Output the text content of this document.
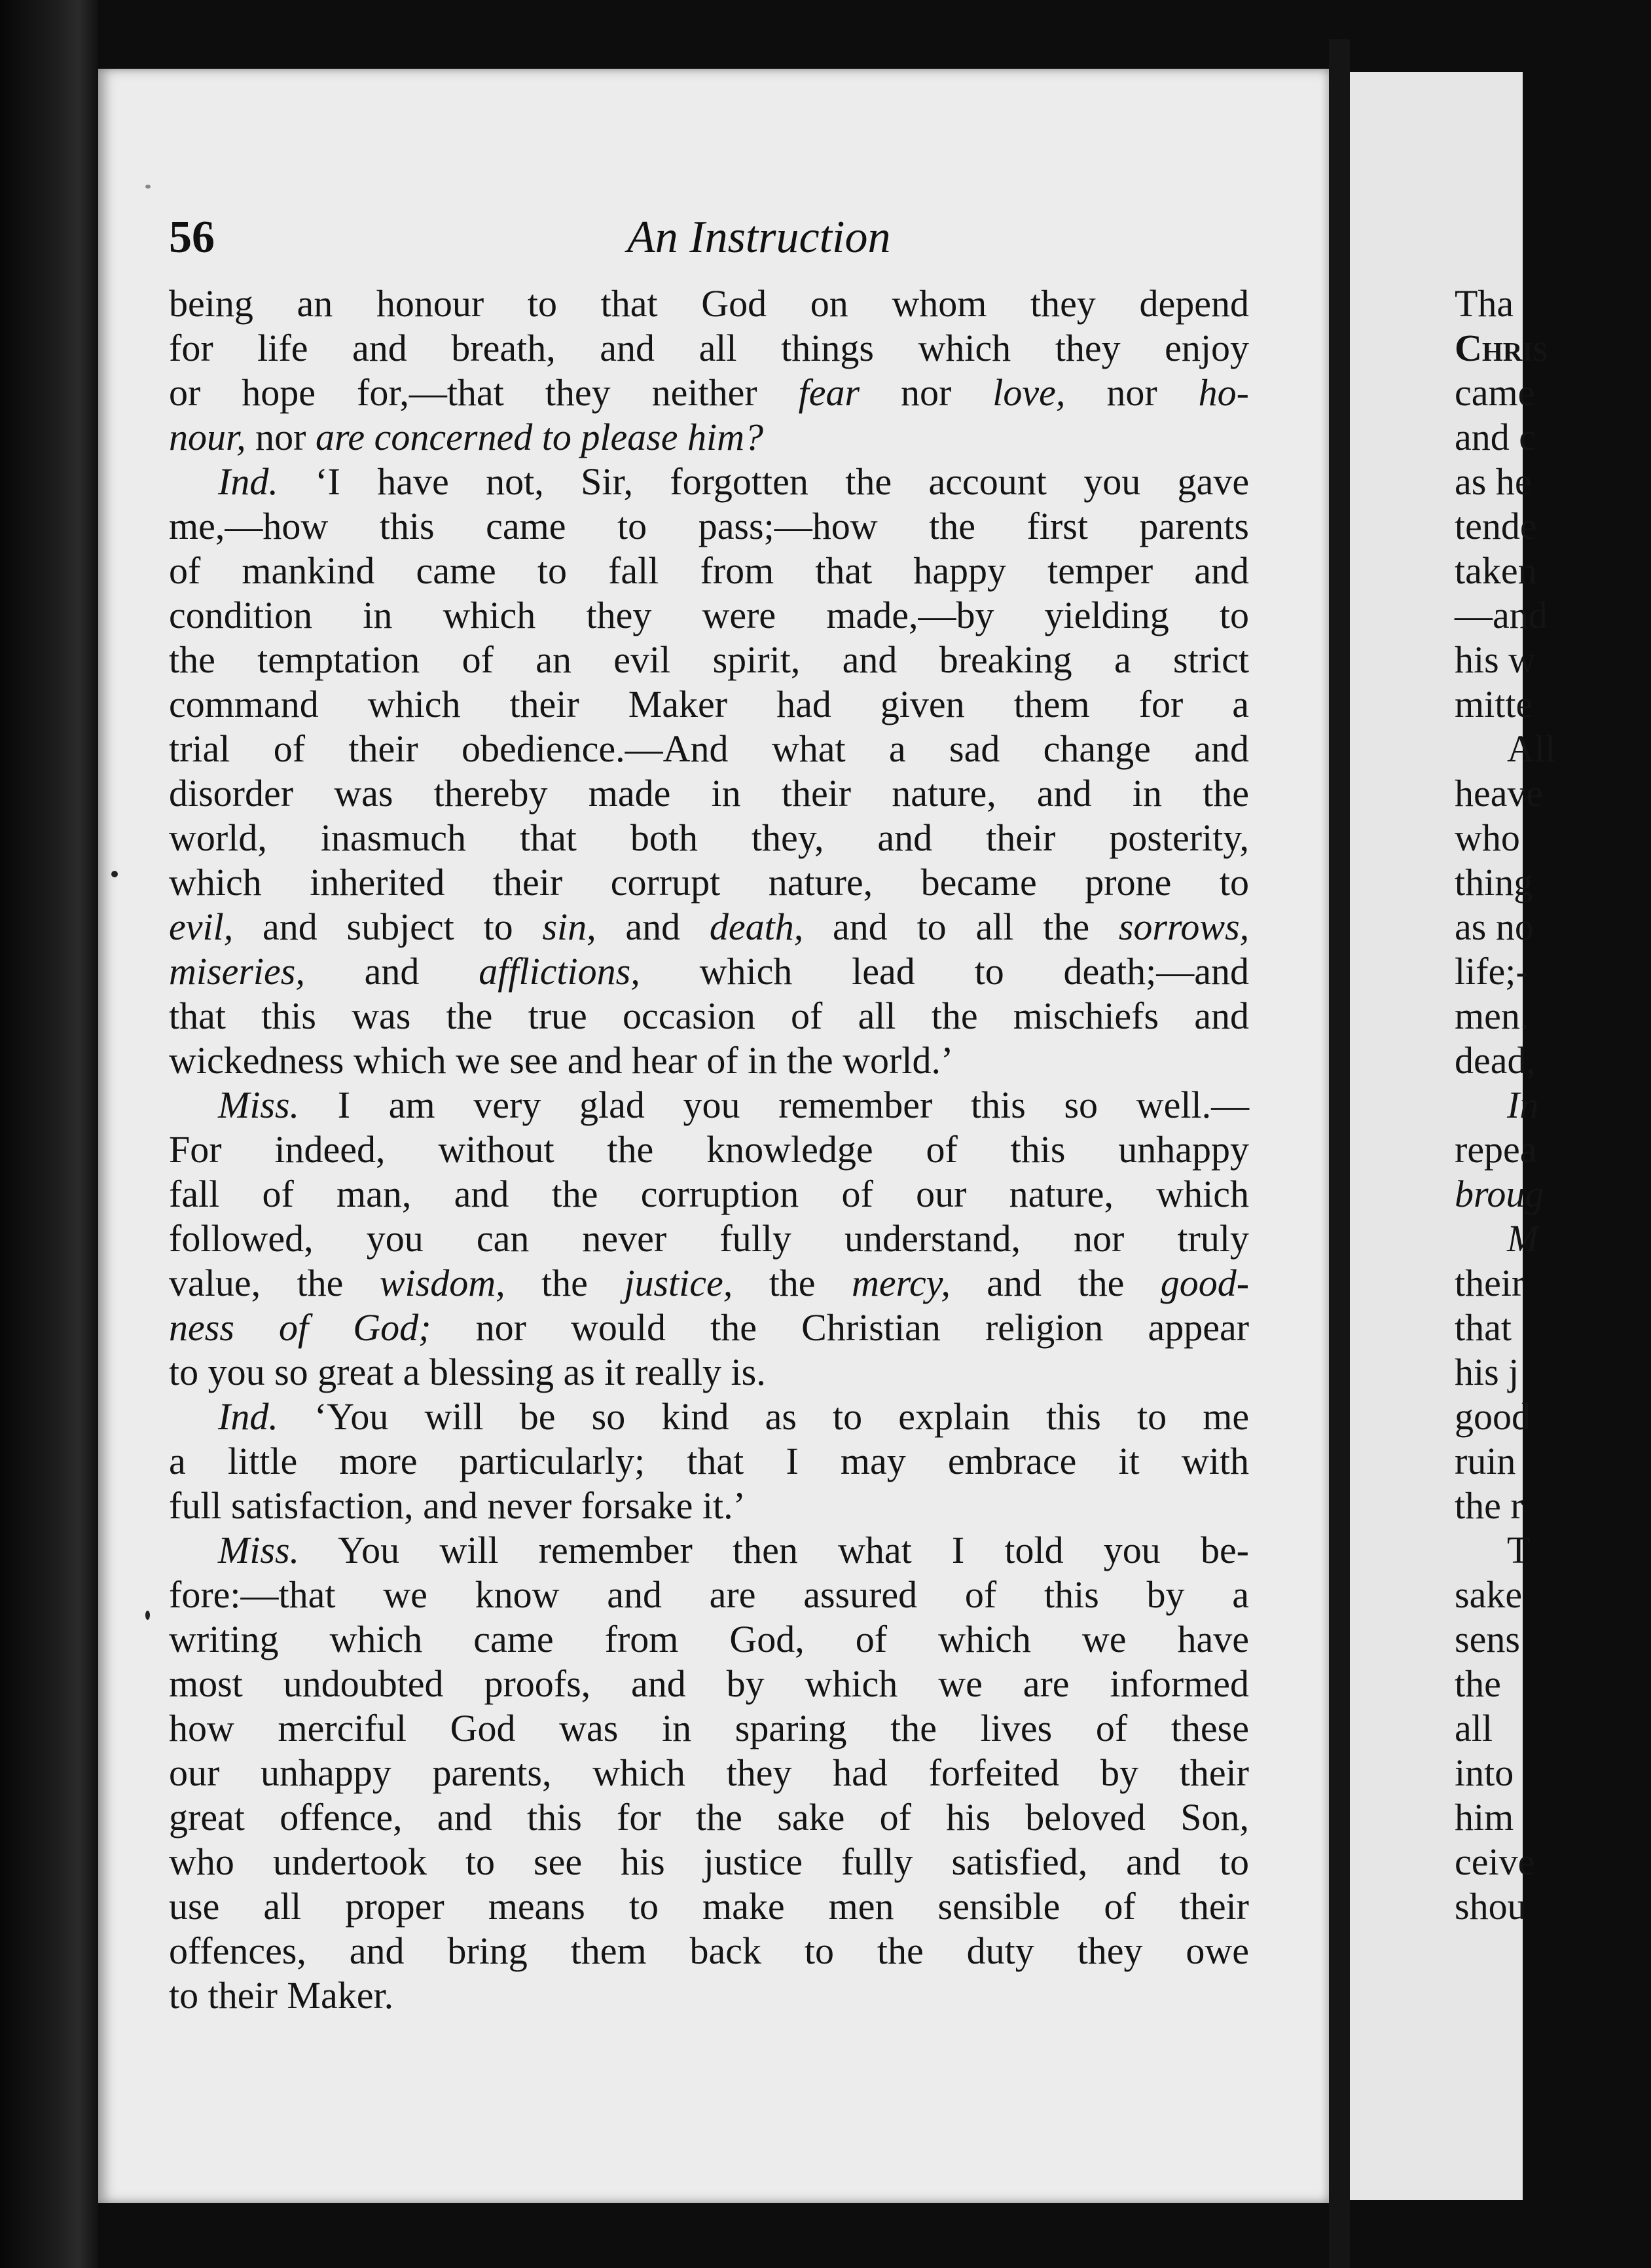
Tha
Chris
came
and c
as he
tende
taken
—and
his w
mitte
All
heave
who
thing
as no
life;-
men.
dead,
In
repea
broug
M
their
that
his j
good
ruin
the r
T
sake
sens
the
all
into
him
ceive
shou
56	An Instruction
being an honour to that God on whom they depend
for life and breath, and all things which they enjoy
or hope for,—that they neither fear nor love, nor ho-
nour, nor are concerned to please him?
Ind. ‘I have not, Sir, forgotten the account you gave
me,—how this came to pass;—how the first parents
of mankind came to fall from that happy temper and
condition in which they were made,—by yielding to
the temptation of an evil spirit, and breaking a strict
command which their Maker had given them for a
trial of their obedience.—And what a sad change and
disorder was thereby made in their nature, and in the
world, inasmuch that both they, and their posterity,
which inherited their corrupt nature, became prone to
evil, and subject to sin, and death, and to all the sorrows,
miseries, and afflictions, which lead to death;—and
that this was the true occasion of all the mischiefs and
wickedness which we see and hear of in the world.’
Miss. I am very glad you remember this so well.—
For indeed, without the knowledge of this unhappy
fall of man, and the corruption of our nature, which
followed, you can never fully understand, nor truly
value, the wisdom, the justice, the mercy, and the good-
ness of God; nor would the Christian religion appear
to you so great a blessing as it really is.
Ind. ‘You will be so kind as to explain this to me
a little more particularly; that I may embrace it with
full satisfaction, and never forsake it.’
Miss. You will remember then what I told you be-
fore:—that we know and are assured of this by a
writing which came from God, of which we have
most undoubted proofs, and by which we are informed
how merciful God was in sparing the lives of these
our unhappy parents, which they had forfeited by their
great offence, and this for the sake of his beloved Son,
who undertook to see his justice fully satisfied, and to
use all proper means to make men sensible of their
offences, and bring them back to the duty they owe
to their Maker.
